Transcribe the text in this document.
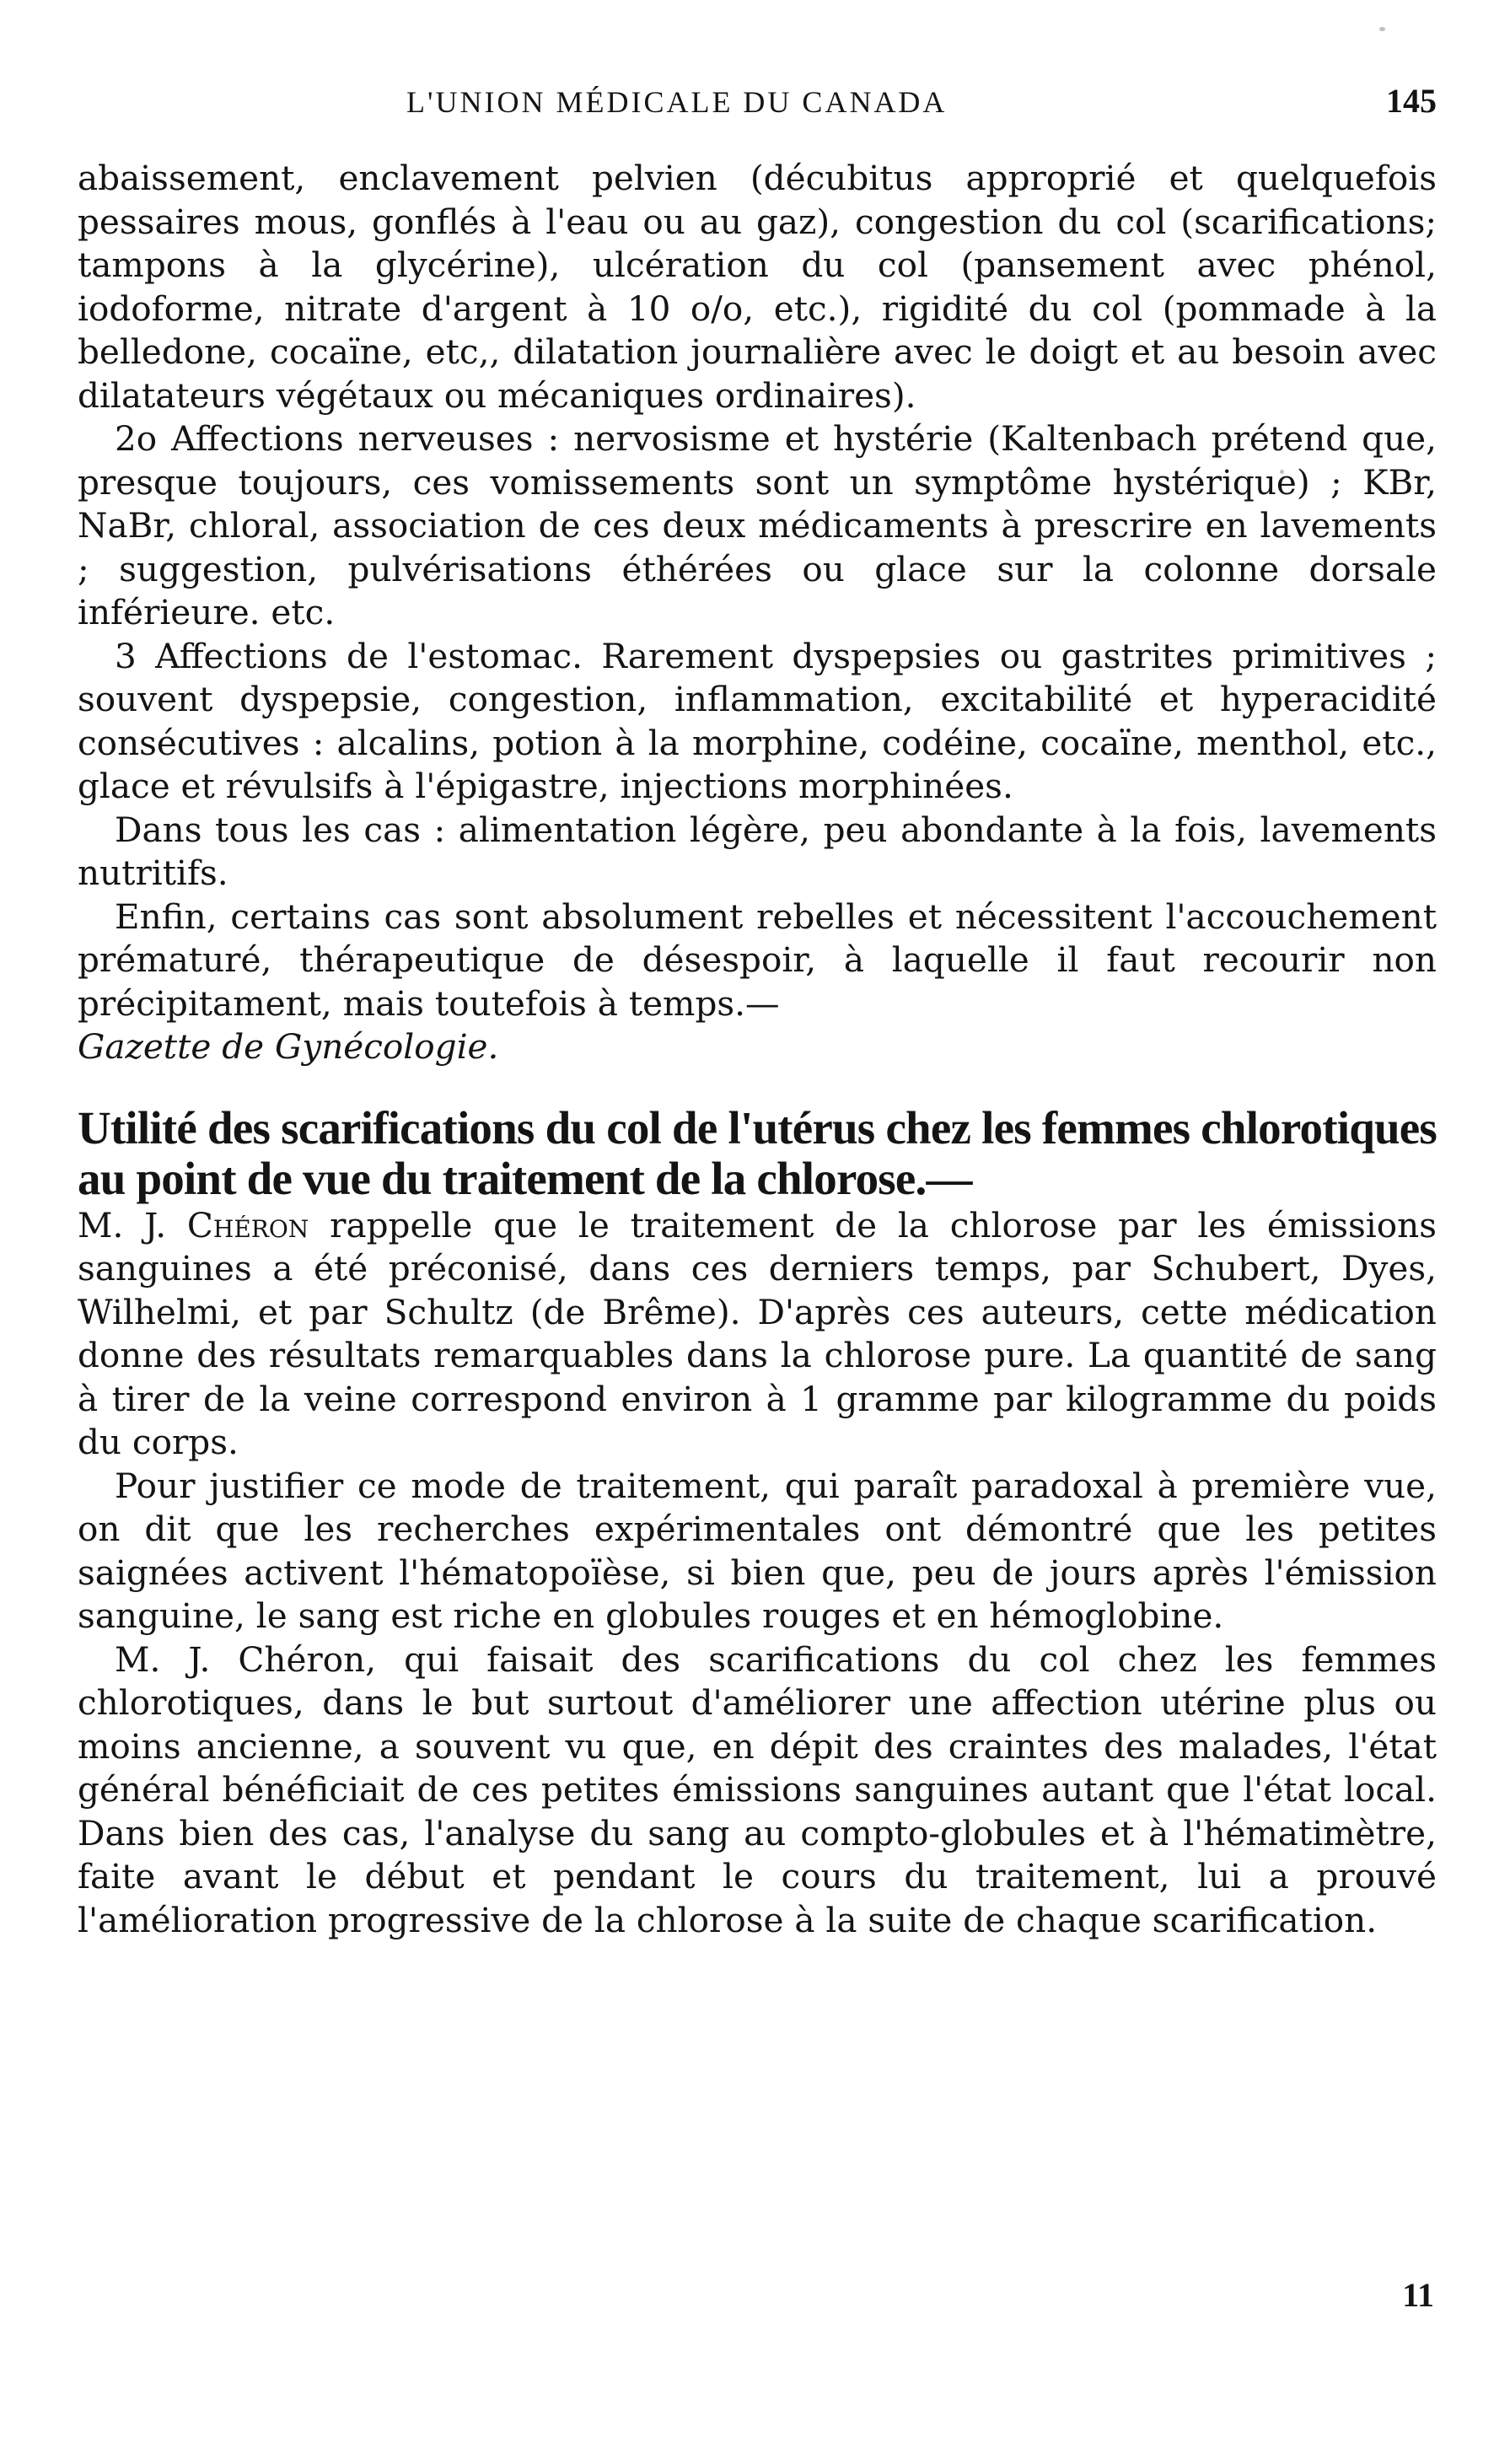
L'UNION MÉDICALE DU CANADA	145

abaissement, enclavement pelvien (décubitus approprié et quelquefois pessaires mous, gonflés à l'eau ou au gaz), congestion du col (scarifications; tampons à la glycérine), ulcération du col (pansement avec phénol, iodoforme, nitrate d'argent à 10 o/o, etc.), rigidité du col (pommade à la belledone, cocaïne, etc,, dilatation journalière avec le doigt et au besoin avec dilatateurs végétaux ou mécaniques ordinaires).

2o Affections nerveuses : nervosisme et hystérie (Kaltenbach prétend que, presque toujours, ces vomissements sont un symptôme hystérique) ; KBr, NaBr, chloral, association de ces deux médicaments à prescrire en lavements ; suggestion, pulvérisations éthérées ou glace sur la colonne dorsale inférieure. etc.

3 Affections de l'estomac. Rarement dyspepsies ou gastrites primitives ; souvent dyspepsie, congestion, inflammation, excitabilité et hyperacidité consécutives : alcalins, potion à la morphine, codéine, cocaïne, menthol, etc., glace et révulsifs à l'épigastre, injections morphinées.

Dans tous les cas : alimentation légère, peu abondante à la fois, lavements nutritifs.

Enfin, certains cas sont absolument rebelles et nécessitent l'accouchement prématuré, thérapeutique de désespoir, à laquelle il faut recourir non précipitament, mais toutefois à temps.—

Gazette de Gynécologie.

Utilité des scarifications du col de l'utérus chez les femmes chlorotiques au point de vue du traitement de la chlorose.—

M. J. Chéron rappelle que le traitement de la chlorose par les émissions sanguines a été préconisé, dans ces derniers temps, par Schubert, Dyes, Wilhelmi, et par Schultz (de Brême). D'après ces auteurs, cette médication donne des résultats remarquables dans la chlorose pure. La quantité de sang à tirer de la veine correspond environ à 1 gramme par kilogramme du poids du corps.

Pour justifier ce mode de traitement, qui paraît paradoxal à première vue, on dit que les recherches expérimentales ont démontré que les petites saignées activent l'hématopoïèse, si bien que, peu de jours après l'émission sanguine, le sang est riche en globules rouges et en hémoglobine.

M. J. Chéron, qui faisait des scarifications du col chez les femmes chlorotiques, dans le but surtout d'améliorer une affection utérine plus ou moins ancienne, a souvent vu que, en dépit des craintes des malades, l'état général bénéficiait de ces petites émissions sanguines autant que l'état local. Dans bien des cas, l'analyse du sang au compto-globules et à l'hématimètre, faite avant le début et pendant le cours du traitement, lui a prouvé l'amélioration progressive de la chlorose à la suite de chaque scarification.

11
